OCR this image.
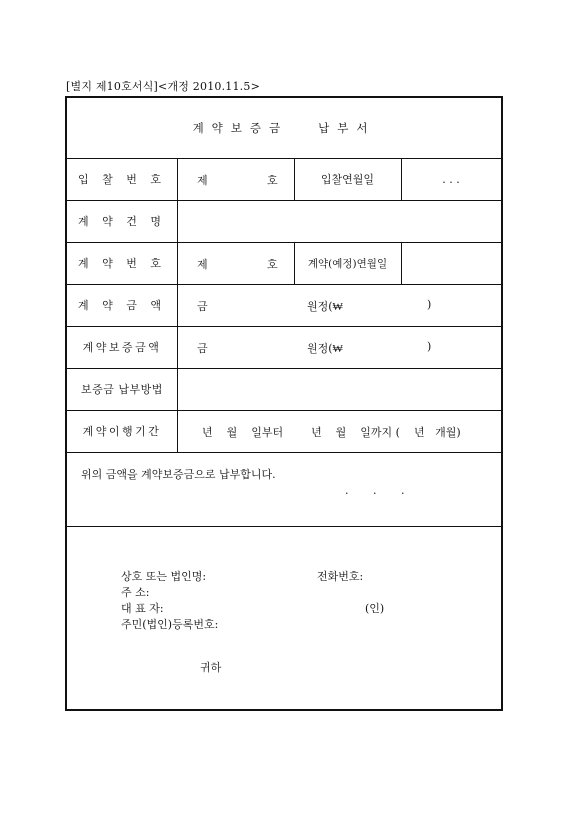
[별지 제10호서식]<개정 2010.11.5>
계약보증금	납부서
입 찰 번 호	제	호	입찰연월일	. . .
계 약 건 명
계 약 번 호	제	호	계약(예정)연월일
계 약 금 액	금	원정(₩	)
계약보증금액	금	원정(₩	)
보증금 납부방법
계약이행기간	년    월    일부터        년    월    일까지 (    년   개월)
위의 금액을 계약보증금으로 납부합니다.
.       .       .
상호 또는 법인명:	전화번호:
주 소:
대 표 자:	(인)
주민(법인)등록번호:
귀하
